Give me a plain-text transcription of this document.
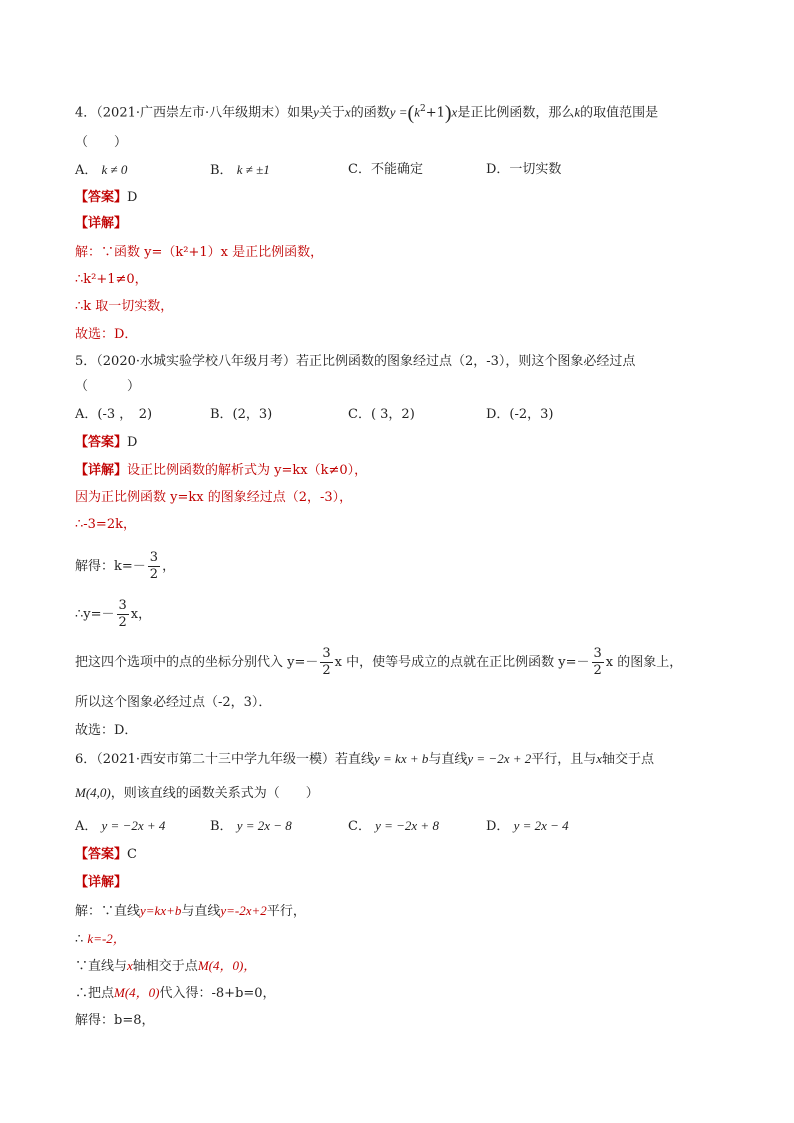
4．（2021·广西崇左市·八年级期末）如果y关于x的函数$y =(k^2+1)x$是正比例函数，那么k的取值范围是
（　　）
A． k ≠ 0	B． k ≠ ±1	C．不能确定	D．一切实数
【答案】D
【详解】
解：∵函数 y=（k²+1）x 是正比例函数，
∴k²+1≠0，
∴k 取一切实数，
故选：D．
5．（2020·水城实验学校八年级月考）若正比例函数的图象经过点（2，-3），则这个图象必经过点
（　　　）
A．(-3 ，　2)	B．(2，3)	C．( 3，2)	D．(-2，3)
【答案】D
【详解】设正比例函数的解析式为 y=kx（k≠0），
因为正比例函数 y=kx 的图象经过点（2，-3），
∴-3=2k，
解得：$k=- \frac{3}{2}$ ，
∴y=－ $\frac{3}{2}$ x，
把这四个选项中的点的坐标分别代入 $y=- \frac{3}{2}$ x 中，使等号成立的点就在正比例函数 $y=- \frac{3}{2}$ x 的图象上，
所以这个图象必经过点（-2，3）．
故选：D．
6．（2021·西安市第二十三中学九年级一模）若直线y = kx + b与直线y = −2x + 2平行，且与x轴交于点
M(4,0)，则该直线的函数关系式为（　　）
A． y = −2x + 4	B． y = 2x − 8	C． y = −2x + 8	D． y = 2x − 4
【答案】C
【详解】
解：∵直线y=kx+b与直线y=-2x+2平行，
∴ k=-2，
∵直线与x轴相交于点M(4，0)，
∴把点M(4，0)代入得：-8+b=0，
解得：b=8，
